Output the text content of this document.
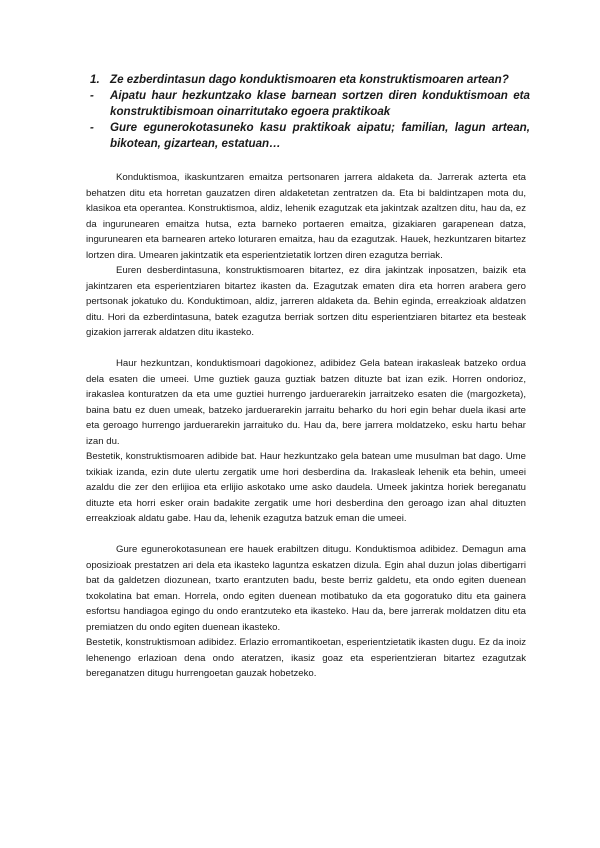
1. Ze ezberdintasun dago konduktismoaren eta konstruktismoaren artean?
-	Aipatu haur hezkuntzako klase barnean sortzen diren konduktismoan eta konstruktibismoan oinarritutako egoera praktikoak
-	Gure egunerokotasuneko kasu praktikoak aipatu; familian, lagun artean, bikotean, gizartean, estatuan…

Konduktismoa, ikaskuntzaren emaitza pertsonaren jarrera aldaketa da. Jarrerak azterta eta behatzen ditu eta horretan gauzatzen diren aldaketetan zentratzen da. Eta bi baldintzapen mota du, klasikoa eta operantea. Konstruktismoa, aldiz, lehenik ezagutzak eta jakintzak azaltzen ditu, hau da, ez da ingurunearen emaitza hutsa, ezta barneko portaeren emaitza, gizakiaren garapenean datza, ingurunearen eta barnearen arteko loturaren emaitza, hau da ezagutzak. Hauek, hezkuntzaren bitartez lortzen dira. Umearen jakintzatik eta esperientzietatik lortzen diren ezagutza berriak.

Euren desberdintasuna, konstruktismoaren bitartez, ez dira jakintzak inposatzen, baizik eta jakintzaren eta esperientziaren bitartez ikasten da. Ezagutzak ematen dira eta horren arabera gero pertsonak jokatuko du. Konduktimoan, aldiz, jarreren aldaketa da. Behin eginda, erreakzioak aldatzen ditu. Hori da ezberdintasuna, batek ezagutza berriak sortzen ditu esperientziaren bitartez eta besteak gizakion jarrerak aldatzen ditu ikasteko.

Haur hezkuntzan, konduktismoari dagokionez, adibidez Gela batean irakasleak batzeko ordua dela esaten die umeei. Ume guztiek gauza guztiak batzen dituzte bat izan ezik. Horren ondorioz, irakaslea konturatzen da eta ume guztiei hurrengo jarduerarekin jarraitzeko esaten die (margozketa), baina batu ez duen umeak, batzeko jarduerarekin jarraitu beharko du hori egin behar duela ikasi arte eta geroago hurrengo jarduerarekin jarraituko du. Hau da, bere jarrera moldatzeko, esku hartu behar izan du.

Bestetik, konstruktismoaren adibide bat. Haur hezkuntzako gela batean ume musulman bat dago. Ume txikiak izanda, ezin dute ulertu zergatik ume hori desberdina da. Irakasleak lehenik eta behin, umeei azaldu die zer den erlijioa eta erlijio askotako ume asko daudela. Umeek jakintza horiek bereganatu dituzte eta horri esker orain badakite zergatik ume hori desberdina den geroago izan ahal dituzten erreakzioak aldatu gabe. Hau da, lehenik ezagutza batzuk eman die umeei.

Gure egunerokotasunean ere hauek erabiltzen ditugu. Konduktismoa adibidez. Demagun ama oposizioak prestatzen ari dela eta ikasteko laguntza eskatzen dizula. Egin ahal duzun jolas dibertigarri bat da galdetzen diozunean, txarto erantzuten badu, beste berriz galdetu, eta ondo egiten duenean txokolatina bat eman. Horrela, ondo egiten duenean motibatuko da eta gogoratuko ditu eta gainera esfortsu handiagoa egingo du ondo erantzuteko eta ikasteko. Hau da, bere jarrerak moldatzen ditu eta premiatzen du ondo egiten duenean ikasteko.

Bestetik, konstruktismoan adibidez. Erlazio erromantikoetan, esperientzietatik ikasten dugu. Ez da inoiz lehenengo erlazioan dena ondo ateratzen, ikasiz goaz eta esperientzieran bitartez ezagutzak bereganatzen ditugu hurrengoetan gauzak hobetzeko.
